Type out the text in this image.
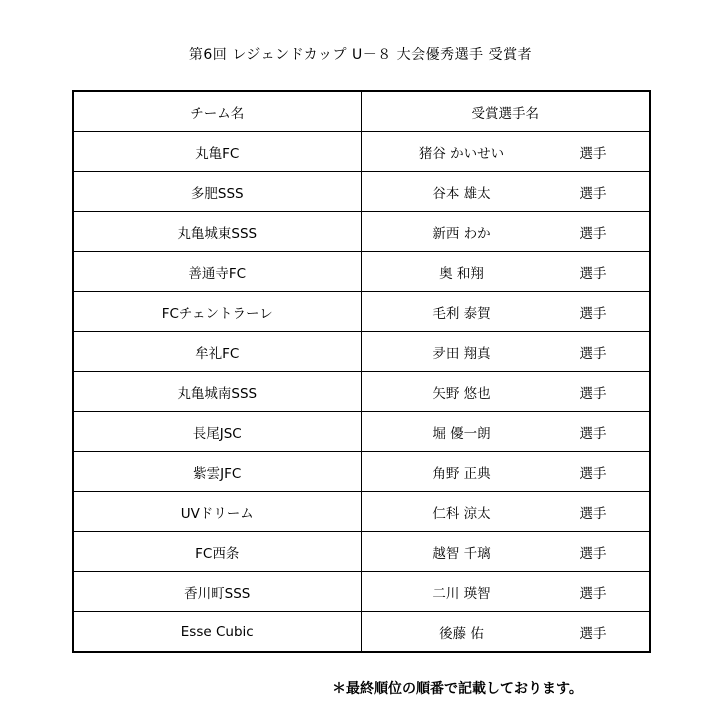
第6回 レジェンドカップ U－８ 大会優秀選手 受賞者
チーム名	受賞選手名
丸亀FC	猪谷 かいせい 選手

多肥SSS	谷本 雄太 選手

丸亀城東SSS	新西 わか 選手

善通寺FC	奥 和翔 選手

FCチェントラーレ	毛利 泰賀 選手

牟礼FC	夛田 翔真 選手

丸亀城南SSS	矢野 悠也 選手

長尾JSC	堀 優一朗 選手

紫雲JFC	角野 正典 選手

UVドリーム	仁科 涼太 選手

FC西条	越智 千璃 選手

香川町SSS	二川 瑛智 選手

Esse Cubic	後藤 佑 選手
＊最終順位の順番で記載しております。
